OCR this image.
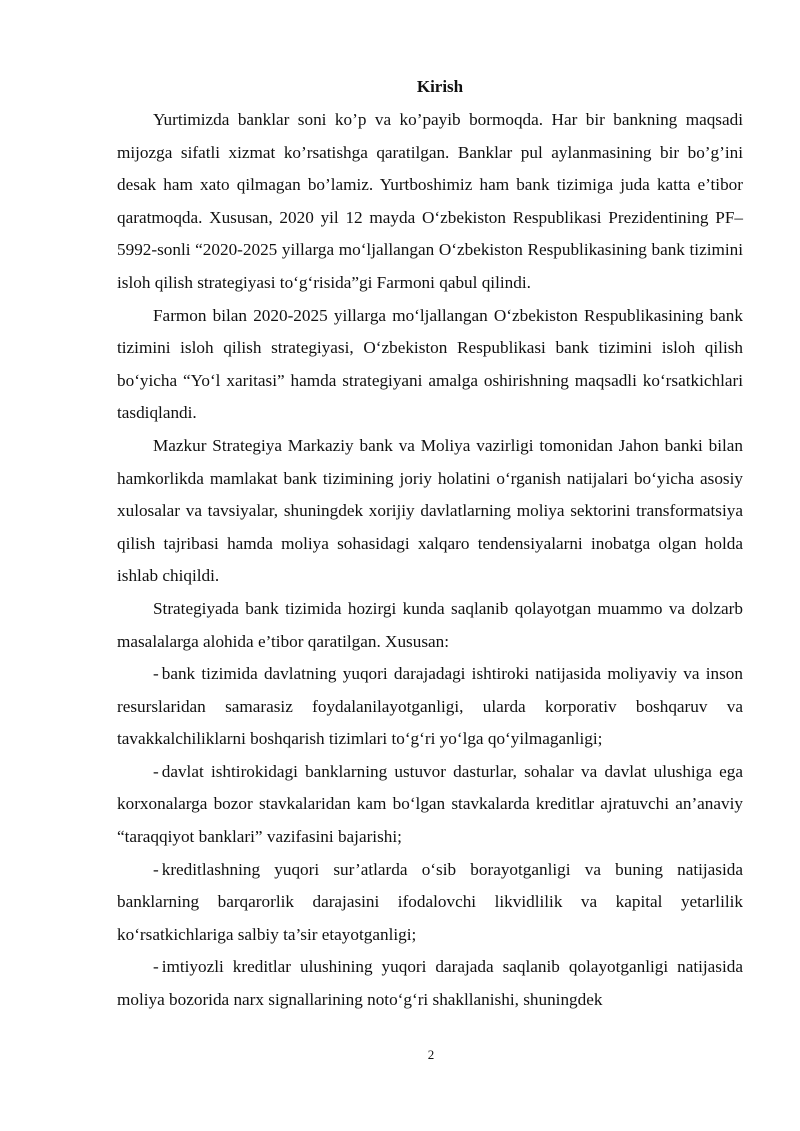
Kirish

Yurtimizda banklar soni ko’p va ko’payib bormoqda. Har bir bankning maqsadi mijozga sifatli xizmat ko’rsatishga qaratilgan. Banklar pul aylanmasining bir bo’g’ini desak ham xato qilmagan bo’lamiz. Yurtboshimiz ham bank tizimiga juda katta e’tibor qaratmoqda. Xususan, 2020 yil 12 mayda O‘zbekiston Respublikasi Prezidentining PF–5992-sonli “2020-2025 yillarga mo‘ljallangan O‘zbekiston Respublikasining bank tizimini isloh qilish strategiyasi to‘g‘risida”gi Farmoni qabul qilindi.

Farmon bilan 2020-2025 yillarga mo‘ljallangan O‘zbekiston Respublikasining bank tizimini isloh qilish strategiyasi, O‘zbekiston Respublikasi bank tizimini isloh qilish bo‘yicha “Yo‘l xaritasi” hamda strategiyani amalga oshirishning maqsadli ko‘rsatkichlari tasdiqlandi.

Mazkur Strategiya Markaziy bank va Moliya vazirligi tomonidan Jahon banki bilan hamkorlikda mamlakat bank tizimining joriy holatini o‘rganish natijalari bo‘yicha asosiy xulosalar va tavsiyalar, shuningdek xorijiy davlatlarning moliya sektorini transformatsiya qilish tajribasi hamda moliya sohasidagi xalqaro tendensiyalarni inobatga olgan holda ishlab chiqildi.

Strategiyada bank tizimida hozirgi kunda saqlanib qolayotgan muammo va dolzarb masalalarga alohida e’tibor qaratilgan. Xususan:

- bank tizimida davlatning yuqori darajadagi ishtiroki natijasida moliyaviy va inson resurslaridan samarasiz foydalanilayotganligi, ularda korporativ boshqaruv va tavakkalchiliklarni boshqarish tizimlari to‘g‘ri yo‘lga qo‘yilmaganligi;

- davlat ishtirokidagi banklarning ustuvor dasturlar, sohalar va davlat ulushiga ega korxonalarga bozor stavkalaridan kam bo‘lgan stavkalarda kreditlar ajratuvchi an’anaviy “taraqqiyot banklari” vazifasini bajarishi;

- kreditlashning yuqori sur’atlarda o‘sib borayotganligi va buning natijasida banklarning barqarorlik darajasini ifodalovchi likvidlilik va kapital yetarlilik ko‘rsatkichlariga salbiy ta’sir etayotganligi;

- imtiyozli kreditlar ulushining yuqori darajada saqlanib qolayotganligi natijasida moliya bozorida narx signallarining noto‘g‘ri shakllanishi, shuningdek

2
